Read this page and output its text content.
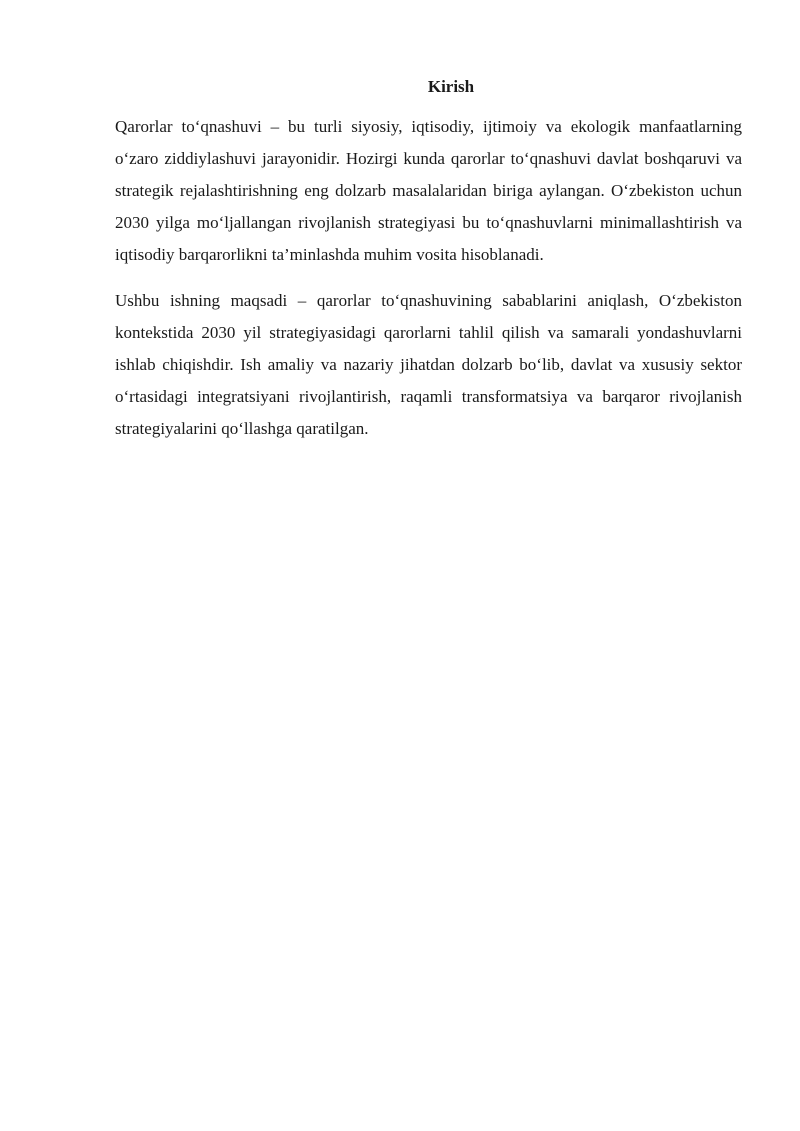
Kirish

Qarorlar to‘qnashuvi – bu turli siyosiy, iqtisodiy, ijtimoiy va ekologik manfaatlarning o‘zaro ziddiylashuvi jarayonidir. Hozirgi kunda qarorlar to‘qnashuvi davlat boshqaruvi va strategik rejalashtirishning eng dolzarb masalalaridan biriga aylangan. O‘zbekiston uchun 2030 yilga mo‘ljallangan rivojlanish strategiyasi bu to‘qnashuvlarni minimallashtirish va iqtisodiy barqarorlikni ta’minlashda muhim vosita hisoblanadi.

Ushbu ishning maqsadi – qarorlar to‘qnashuvining sabablarini aniqlash, O‘zbekiston kontekstida 2030 yil strategiyasidagi qarorlarni tahlil qilish va samarali yondashuvlarni ishlab chiqishdir. Ish amaliy va nazariy jihatdan dolzarb bo‘lib, davlat va xususiy sektor o‘rtasidagi integratsiyani rivojlantirish, raqamli transformatsiya va barqaror rivojlanish strategiyalarini qo‘llashga qaratilgan.
